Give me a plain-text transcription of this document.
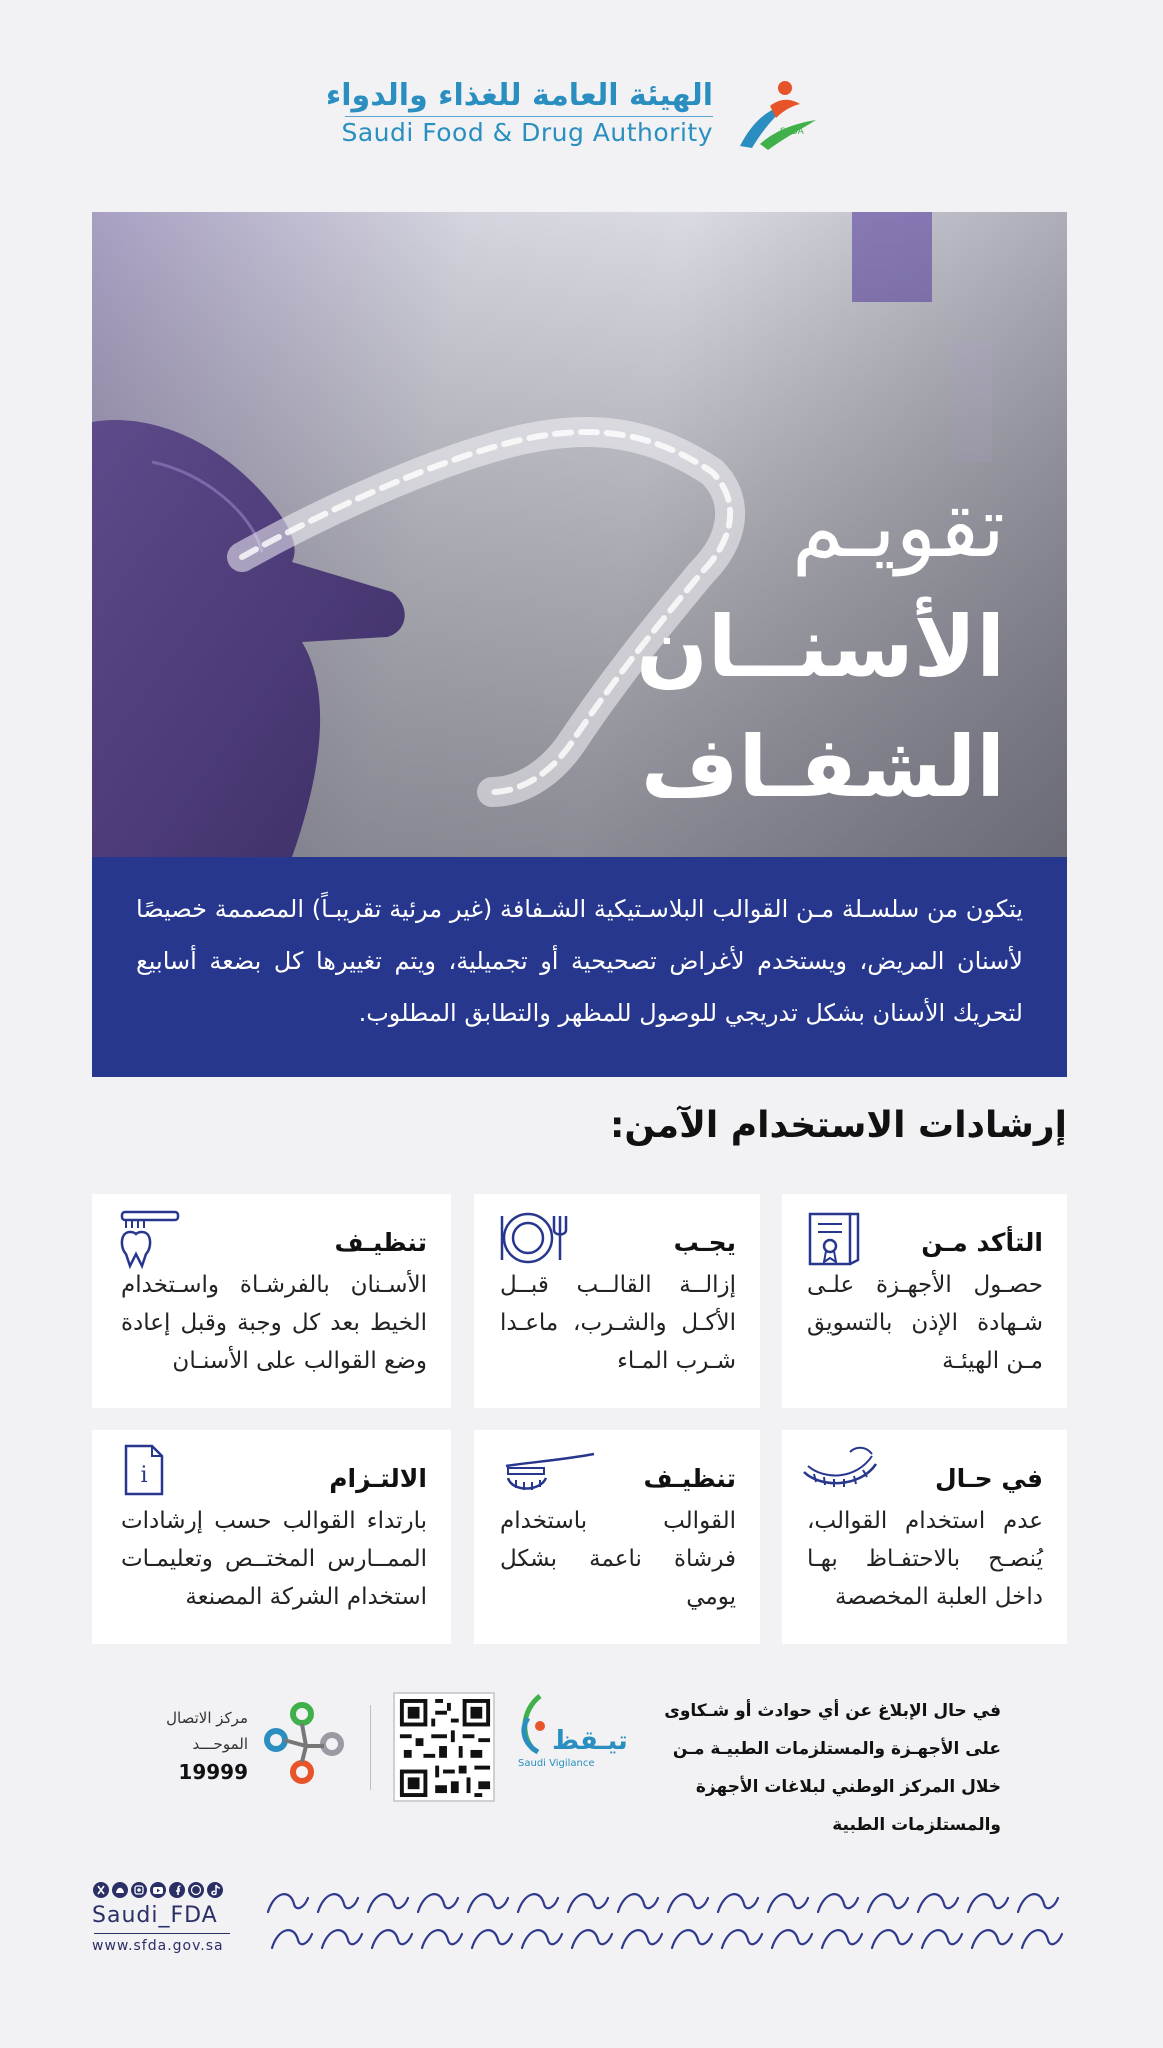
الهيئة العامة للغذاء والدواء
Saudi Food & Drug Authority	SFDA
تقويـم
الأسنــان
الشفـاف
يتكون من سلسـلة مـن القوالب البلاسـتيكية الشـفافة (غير مرئية تقريبـاً) المصممة خصيصًا لأسنان المريض، ويستخدم لأغراض تصحيحية أو تجميلية، ويتم تغييرها كل بضعة أسابيع لتحريك الأسنان بشكل تدريجي للوصول للمظهر والتطابق المطلوب.
إرشادات الاستخدام الآمن:
التأكد مـن
حصـول الأجهـزة علـى شـهادة الإذن بالتسويق مـن الهيئـة
يجـب
إزالــة القالــب قبــل الأكـل والشـرب، ماعـدا شـرب المـاء
تنظيـف
الأسـنان بالفرشـاة واسـتخدام الخيط بعد كل وجبة وقبل إعادة وضع القوالب على الأسنـان
في حـال
عدم استخدام القوالب، يُنصـح بالاحتفـاظ بهـا داخل العلبة المخصصة
تنظيـف
القوالب باستخدام فرشاة ناعمة بشكل يومي
i	الالتـزام
بارتداء القوالب حسب إرشادات الممــارس المختــص وتعليمـات استخدام الشركة المصنعة
في حال الإبلاغ عن أي حوادث أو شـكاوى على الأجهـزة والمستلزمات الطبيـة مـن خلال المركز الوطني لبلاغات الأجهزة والمستلزمات الطبية
تيـقظ
Saudi Vigilance
مركز الاتصال
الموحـــد
19999
Saudi_FDA
www.sfda.gov.sa
